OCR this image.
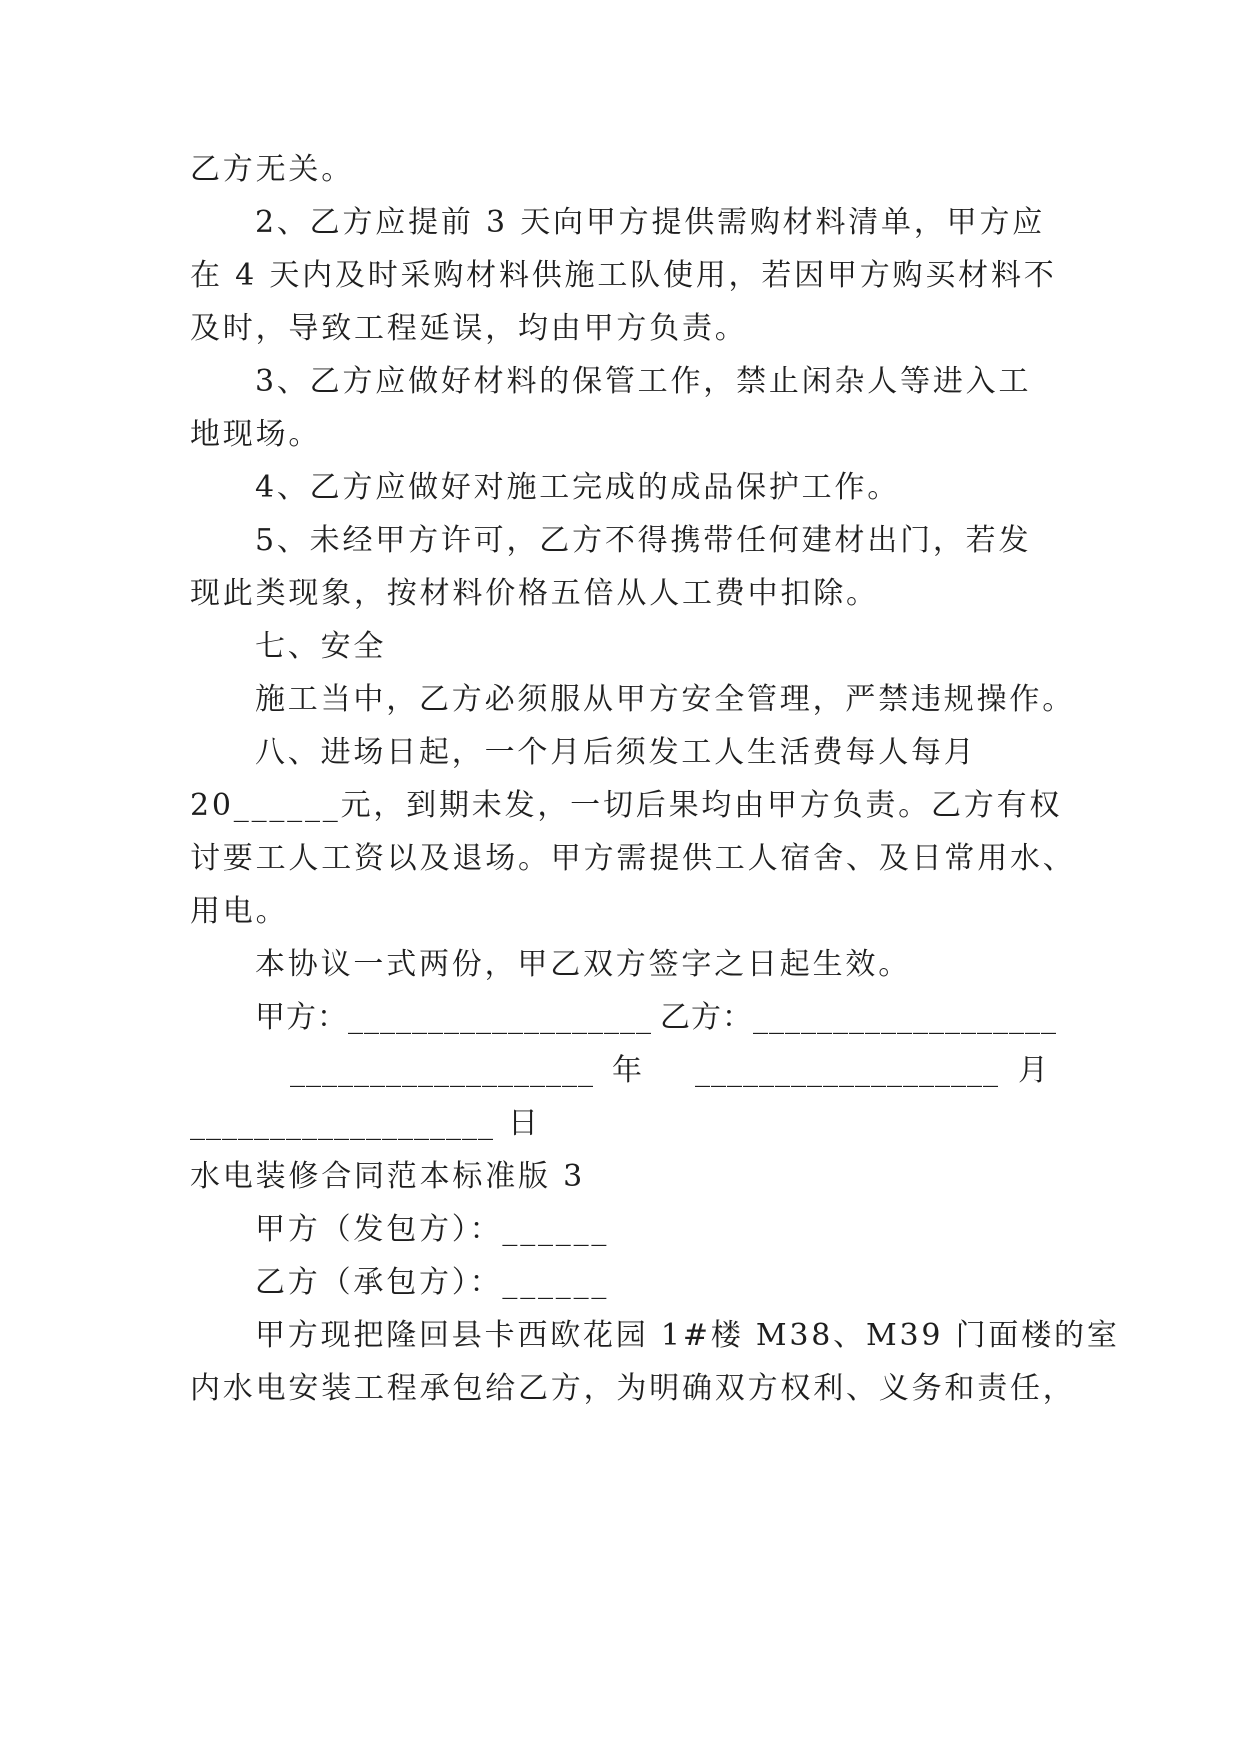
乙方无关。
2、乙方应提前 3 天向甲方提供需购材料清单，甲方应
在 4 天内及时采购材料供施工队使用，若因甲方购买材料不
及时，导致工程延误，均由甲方负责。
3、乙方应做好材料的保管工作，禁止闲杂人等进入工
地现场。
4、乙方应做好对施工完成的成品保护工作。
5、未经甲方许可，乙方不得携带任何建材出门，若发
现此类现象，按材料价格五倍从人工费中扣除。
七、安全
施工当中，乙方必须服从甲方安全管理，严禁违规操作。
八、进场日起，一个月后须发工人生活费每人每月
20______元，到期未发，一切后果均由甲方负责。乙方有权
讨要工人工资以及退场。甲方需提供工人宿舍、及日常用水、
用电。
本协议一式两份，甲乙双方签字之日起生效。
甲方：___________________ 乙方：___________________
___________________ 年 ___________________ 月
___________________ 日
水电装修合同范本标准版 3
甲方（发包方）：______
乙方（承包方）：______
甲方现把隆回县卡西欧花园 1#楼 M38、M39 门面楼的室
内水电安装工程承包给乙方，为明确双方权利、义务和责任，
